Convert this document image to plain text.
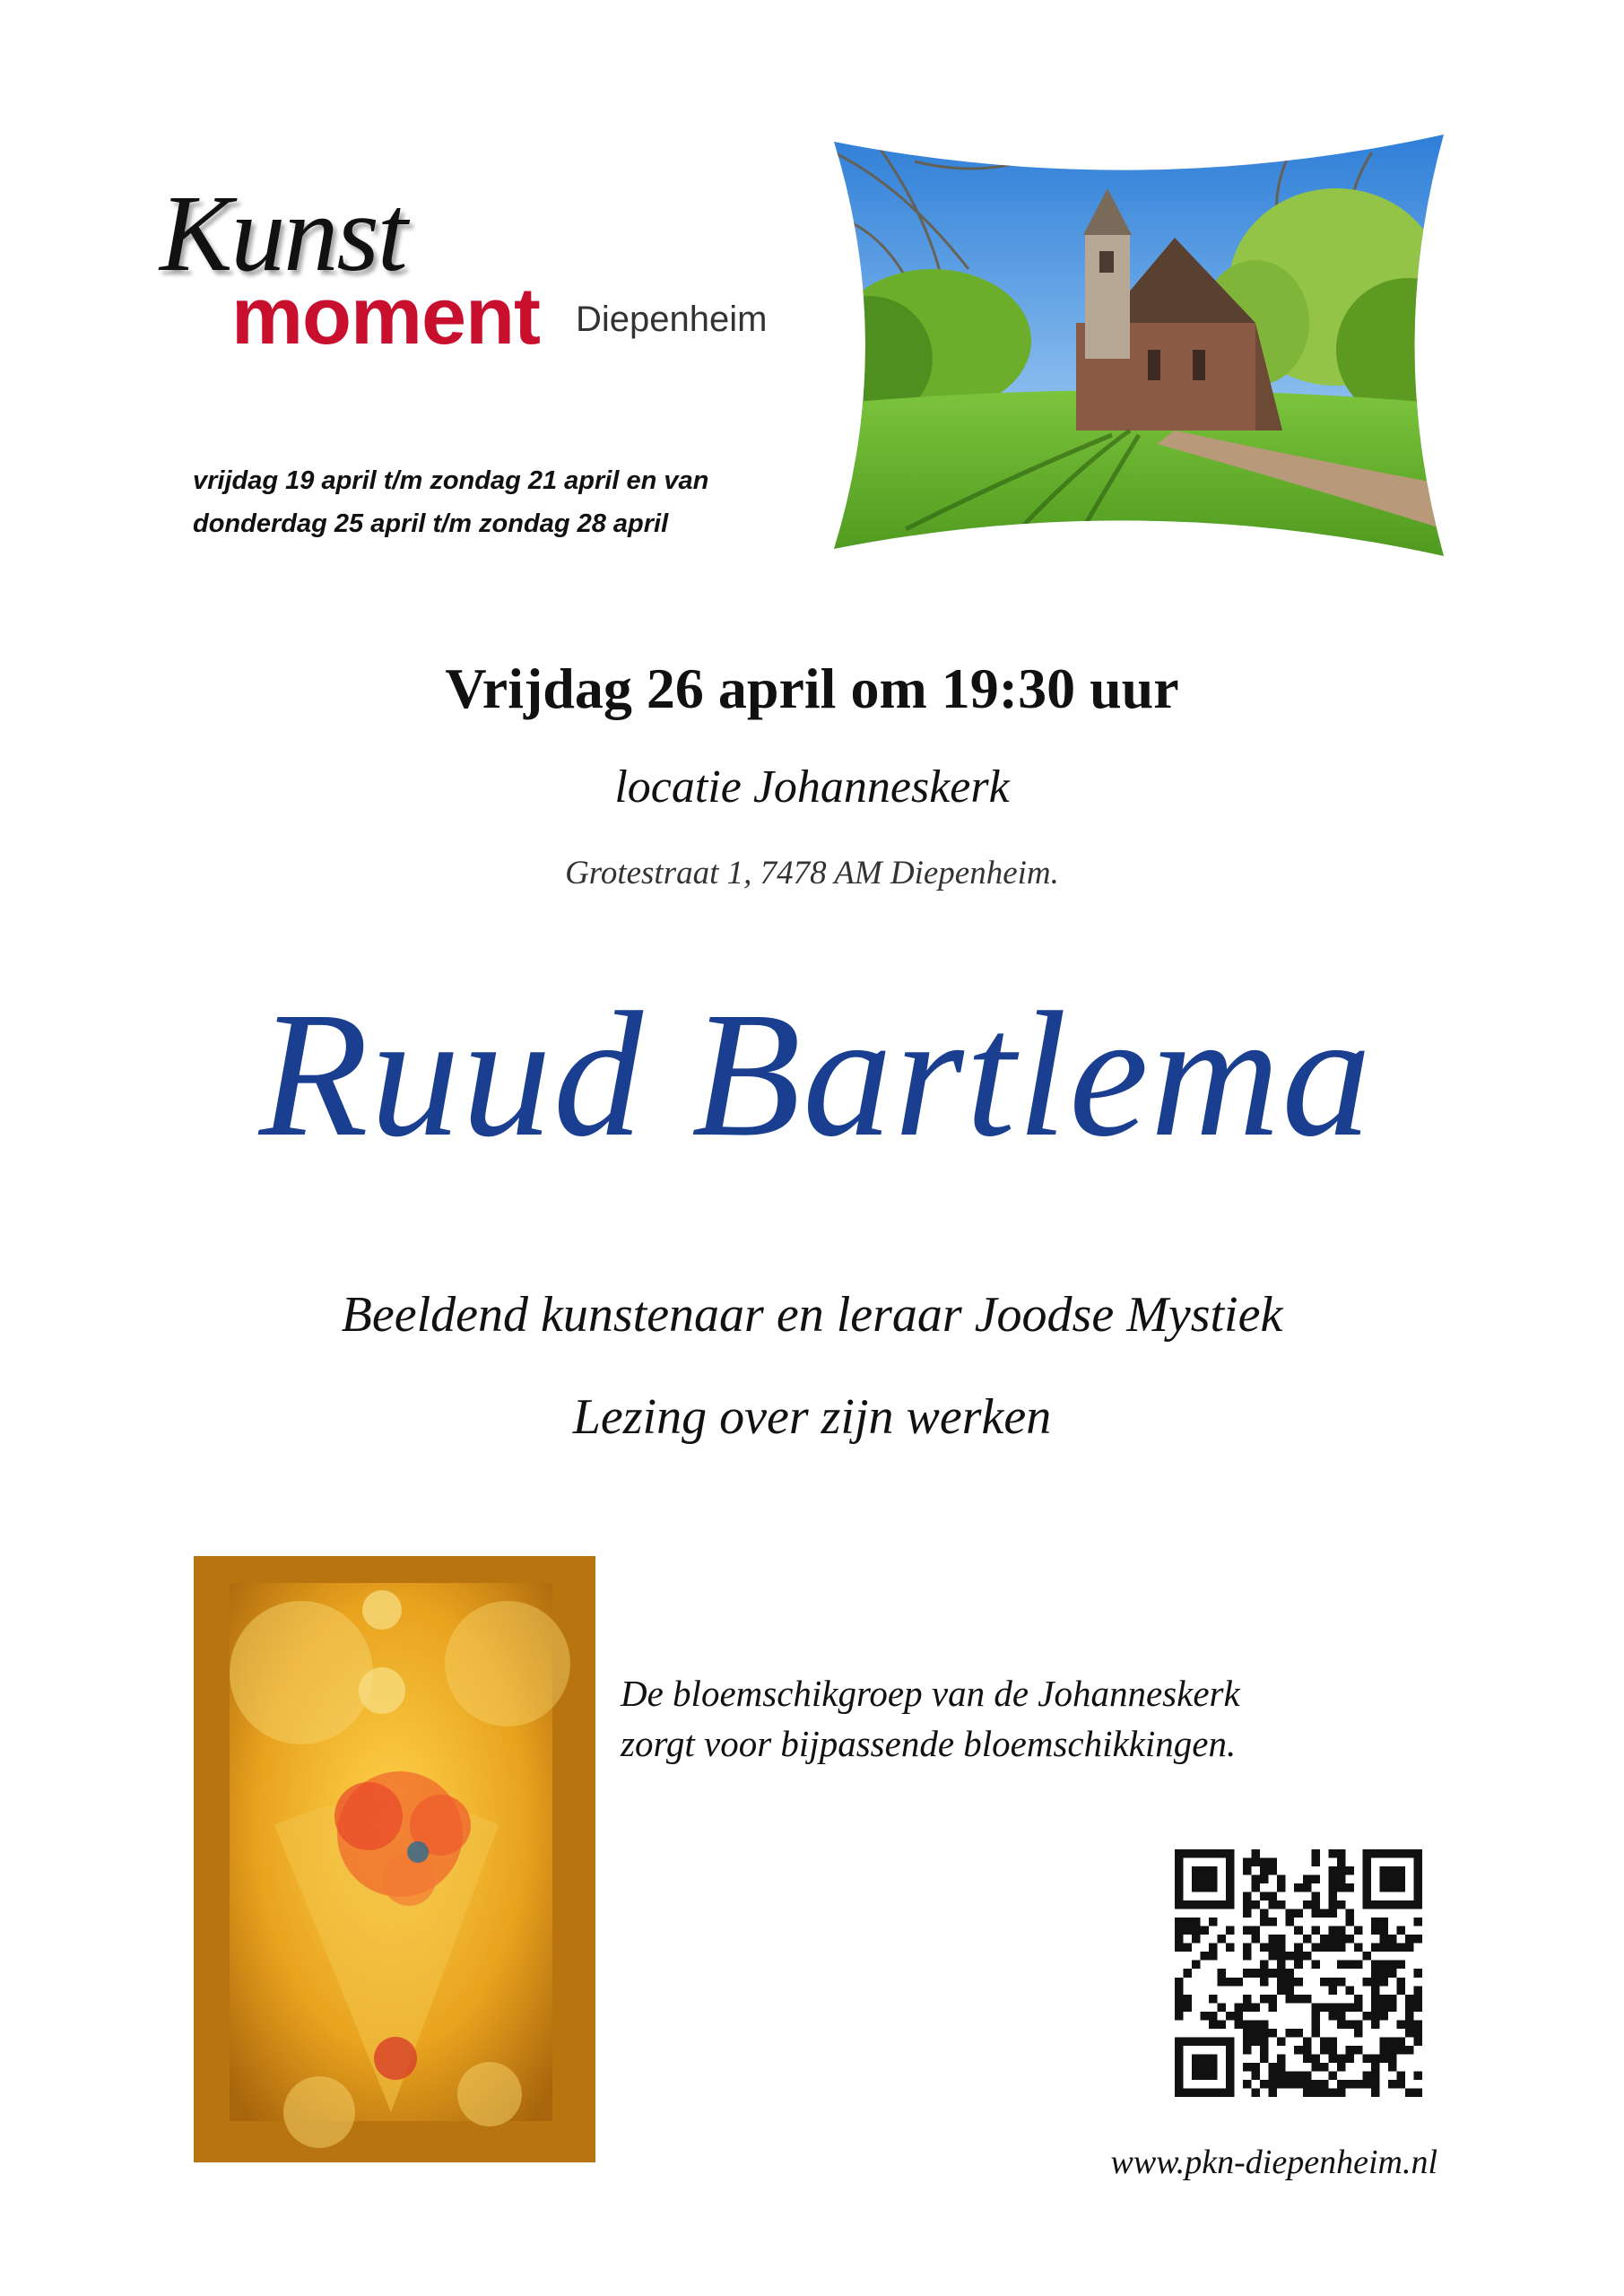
Kunst
moment Diepenheim
vrijdag 19 april t/m zondag 21 april en van
donderdag 25 april t/m zondag 28 april
Vrijdag 26 april om 19:30 uur
locatie Johanneskerk
Grotestraat 1, 7478 AM Diepenheim.
Ruud Bartlema
Beeldend kunstenaar en leraar Joodse Mystiek
Lezing over zijn werken
De bloemschikgroep van de Johanneskerk
zorgt voor bijpassende bloemschikkingen.
www.pkn-diepenheim.nl
